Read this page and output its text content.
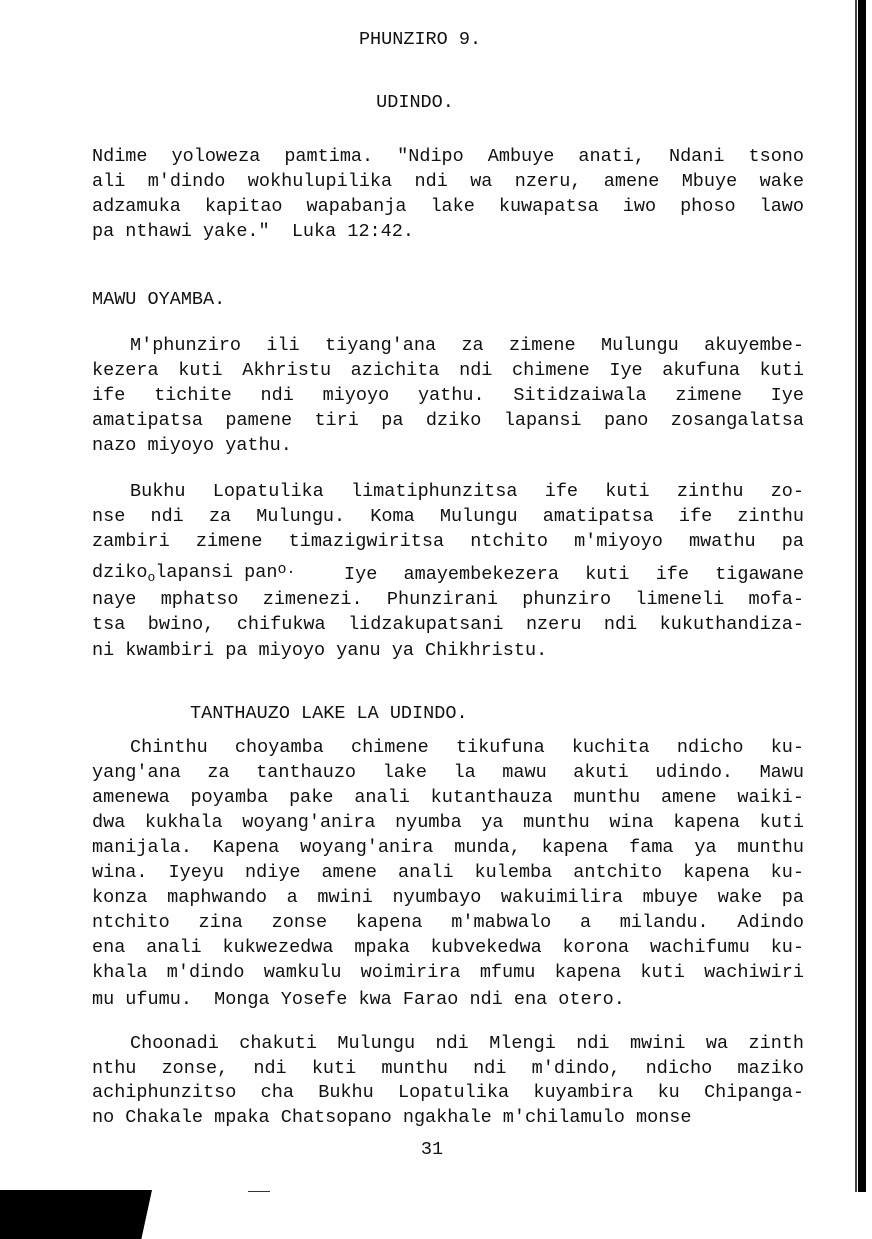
PHUNZIRO 9.
UDINDO.
Ndime yoloweza pamtima. "Ndipo Ambuye anati, Ndani tsono
ali m'dindo wokhulupilika ndi wa nzeru, amene Mbuye wake
adzamuka kapitao wapabanja lake kuwapatsa iwo phoso lawo
pa nthawi yake."  Luka 12:42.
MAWU OYAMBA.
M'phunziro ili tiyang'ana za zimene Mulungu akuyembe-
kezera kuti Akhristu azichita ndi chimene Iye akufuna kuti
ife tichite ndi miyoyo yathu. Sitidzaiwala zimene Iye
amatipatsa pamene tiri pa dziko lapansi pano zosangalatsa
nazo miyoyo yathu.
Bukhu Lopatulika limatiphunzitsa ife kuti zinthu zo-
nse ndi za Mulungu. Koma Mulungu amatipatsa ife zinthu
zambiri zimene timazigwiritsa ntchito m'miyoyo mwathu pa
dziko$_o$lapansi pan$^{o.}$	Iye amayembekezera kuti ife tigawane
naye mphatso zimenezi. Phunzirani phunziro limeneli mofa-
tsa bwino, chifukwa lidzakupatsani nzeru ndi kukuthandiza-
ni kwambiri pa miyoyo yanu ya Chikhristu.
TANTHAUZO LAKE LA UDINDO.
Chinthu choyamba chimene tikufuna kuchita ndicho ku-
yang'ana za tanthauzo lake la mawu akuti udindo. Mawu
amenewa poyamba pake anali kutanthauza munthu amene waiki-
dwa kukhala woyang'anira nyumba ya munthu wina kapena kuti
manijala. Kapena woyang'anira munda, kapena fama ya munthu
wina. Iyeyu ndiye amene anali kulemba antchito kapena ku-
konza maphwando a mwini nyumbayo wakuimilira mbuye wake pa
ntchito zina zonse kapena m'mabwalo a milandu. Adindo
ena anali kukwezedwa mpaka kubvekedwa korona wachifumu ku-
khala m'dindo wamkulu woimirira mfumu kapena kuti wachiwiri
mu ufumu.  Monga Yosefe kwa Farao ndi ena otero.
Choonadi chakuti Mulungu ndi Mlengi ndi mwini wa zinth
nthu zonse, ndi kuti munthu ndi m'dindo, ndicho maziko
achiphunzitso cha Bukhu Lopatulika kuyambira ku Chipanga-
no Chakale mpaka Chatsopano ngakhale m'chilamulo monse
31
